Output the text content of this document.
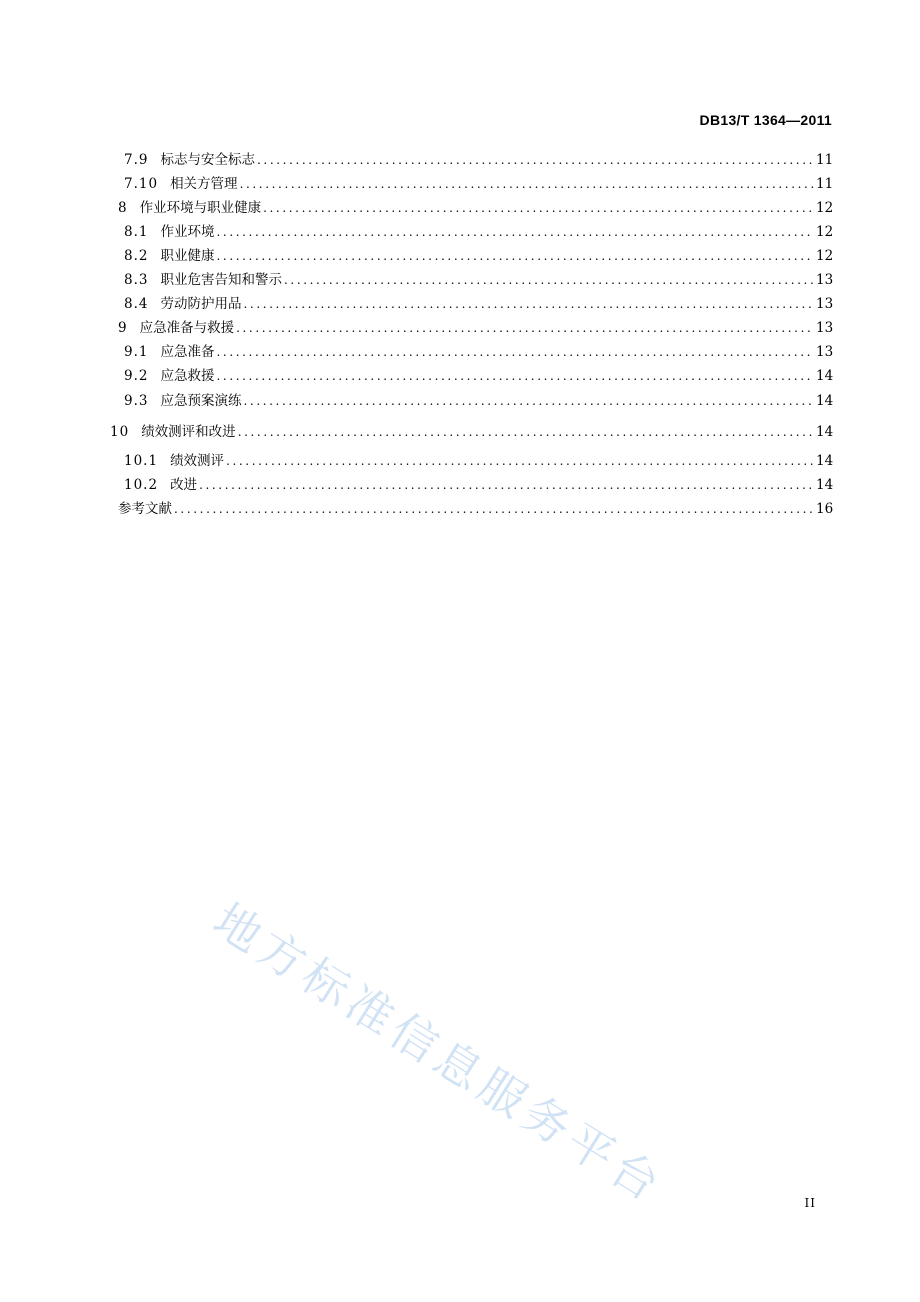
DB13/T 1364—2011
7.9 标志与安全标志 .....	11
7.10 相关方管理 .....	11
8 作业环境与职业健康 .....	12
8.1 作业环境 .....	12
8.2 职业健康 .....	12
8.3 职业危害告知和警示 .....	13
8.4 劳动防护用品 .....	13
9 应急准备与救援 .....	13
9.1 应急准备 .....	13
9.2 应急救援 .....	14
9.3 应急预案演练 .....	14
10 绩效测评和改进 .....	14
10.1 绩效测评 .....	14
10.2 改进 .....	14
参考文献 .....	16
地方标准信息服务平台	II
